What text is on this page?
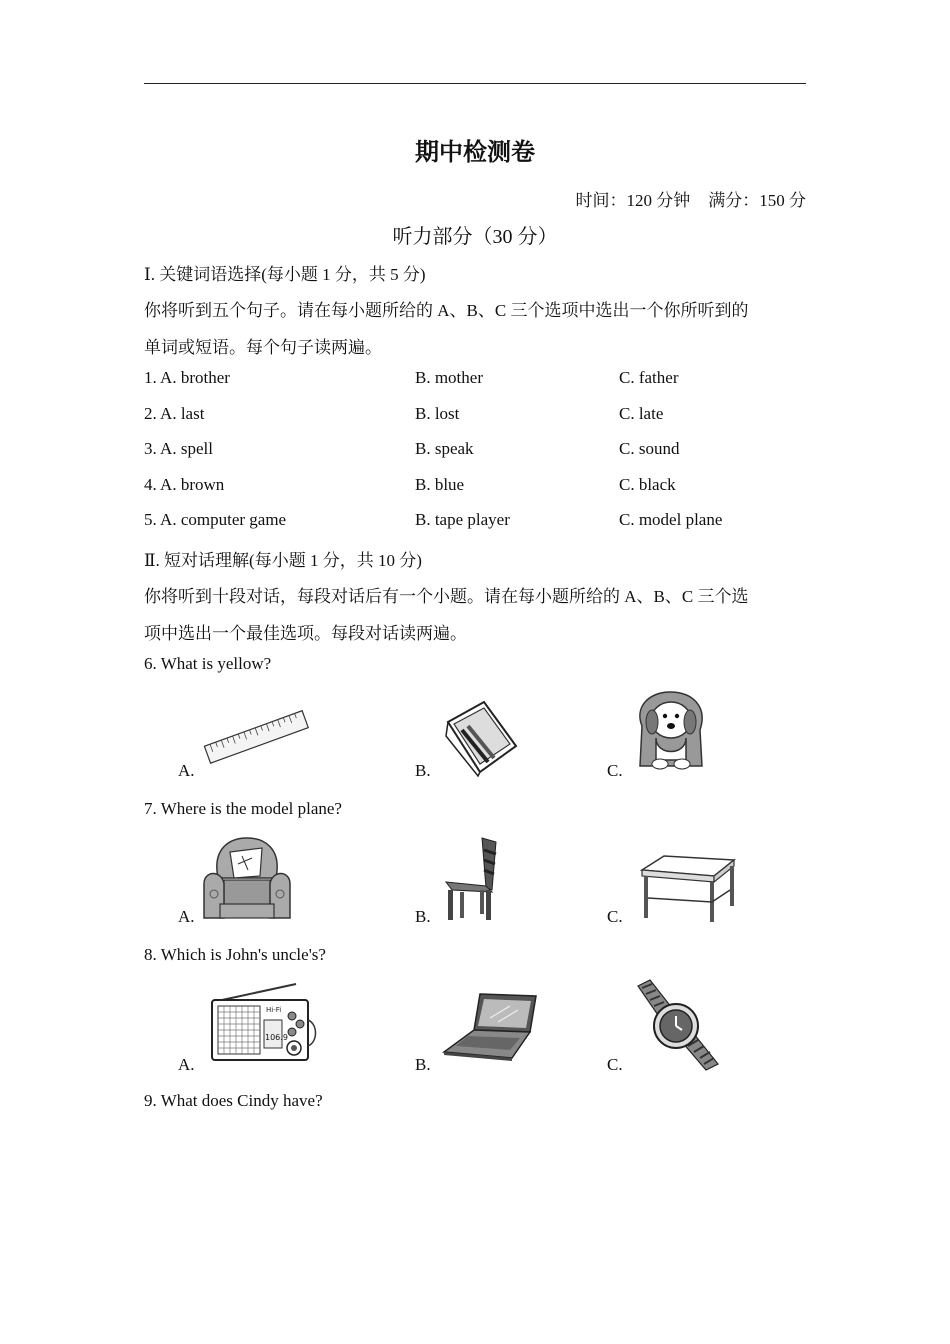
期中检测卷
时间：120 分钟 满分：150 分
听力部分（30 分）
Ⅰ. 关键词语选择(每小题 1 分，共 5 分)
你将听到五个句子。请在每小题所给的 A、B、C 三个选项中选出一个你所听到的
单词或短语。每个句子读两遍。
1. A. brother	B. mother	C. father
2. A. last	B. lost	C. late
3. A. spell	B. speak	C. sound
4. A. brown	B. blue	C. black
5. A. computer game	B. tape player	C. model plane
Ⅱ. 短对话理解(每小题 1 分，共 10 分)
你将听到十段对话，每段对话后有一个小题。请在每小题所给的 A、B、C 三个选
项中选出一个最佳选项。每段对话读两遍。
6. What is yellow?
A.	B.	C.
7. Where is the model plane?
A.	B.	C.
8. Which is John's uncle's?
A.	B.	C.
Hi-Fi
106.9
9. What does Cindy have?
